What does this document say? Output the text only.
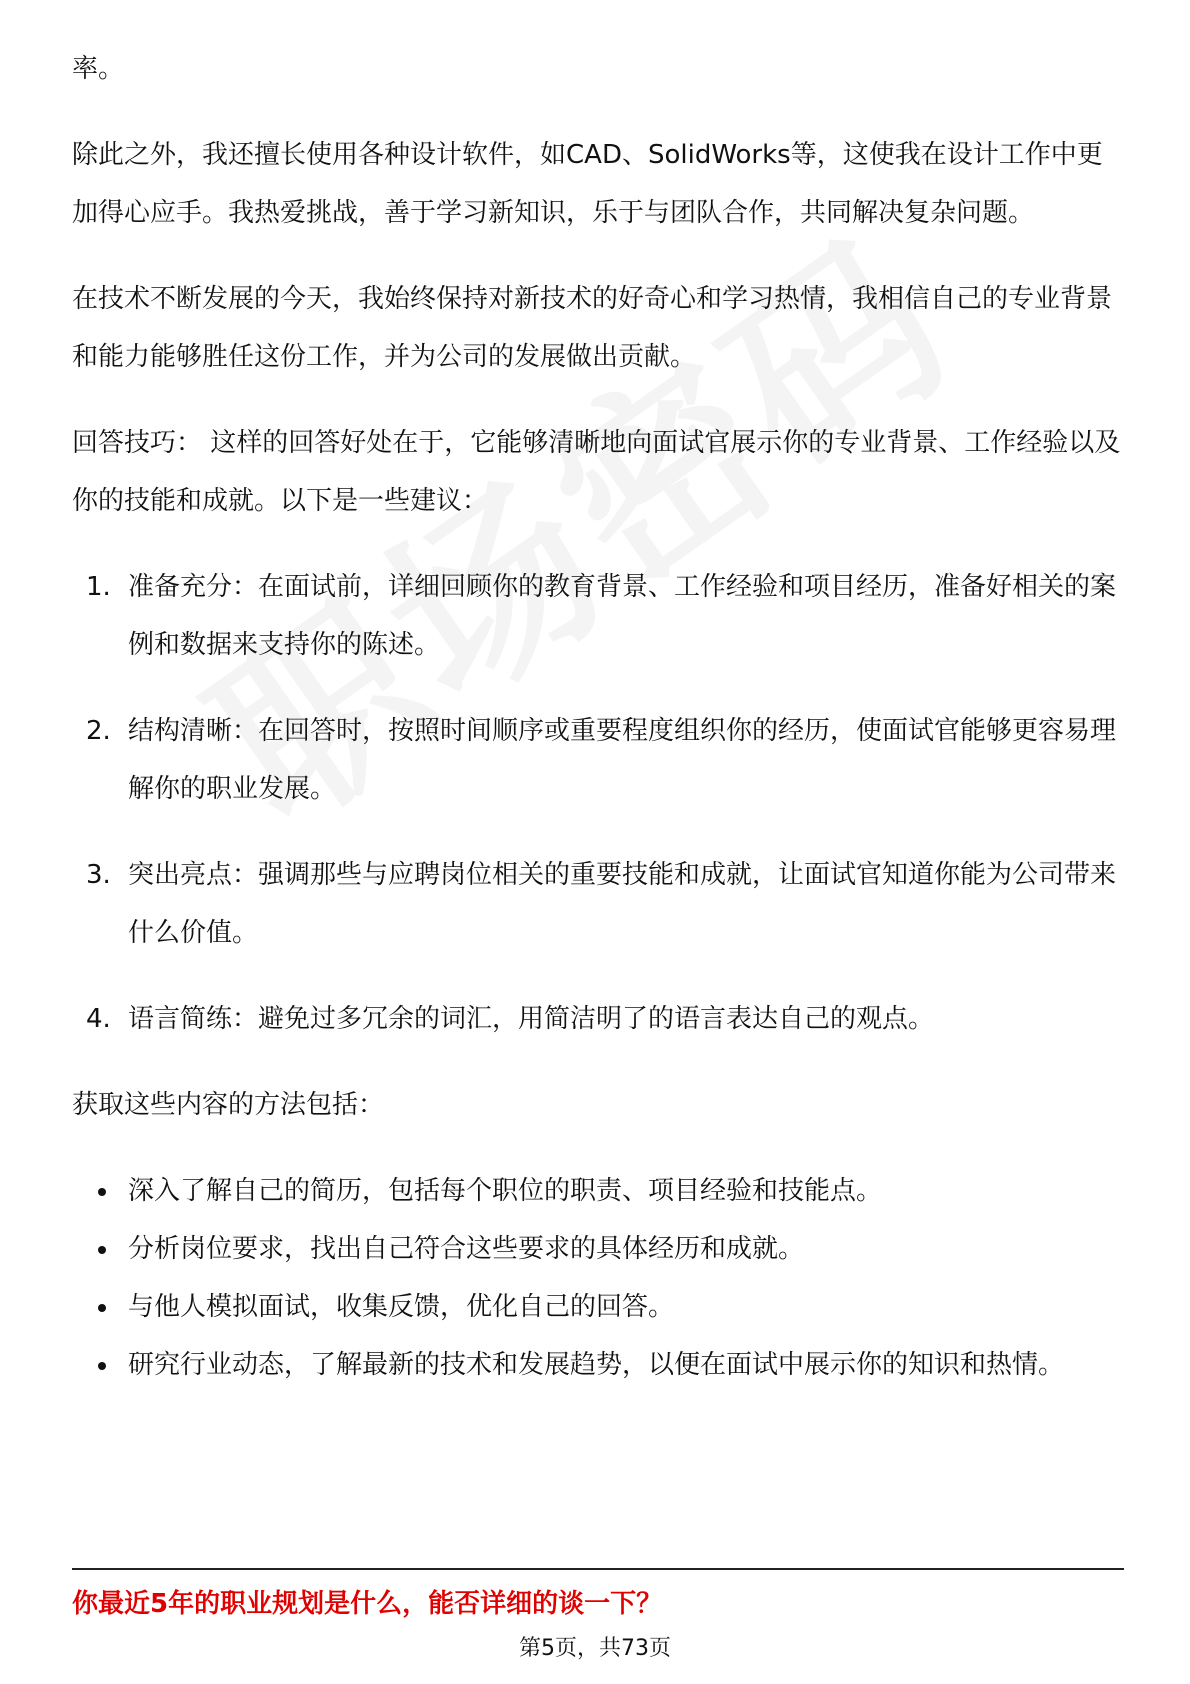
率。

除此之外，我还擅长使用各种设计软件，如CAD、SolidWorks等，这使我在设计工作中更加得心应手。我热爱挑战，善于学习新知识，乐于与团队合作，共同解决复杂问题。

在技术不断发展的今天，我始终保持对新技术的好奇心和学习热情，我相信自己的专业背景和能力能够胜任这份工作，并为公司的发展做出贡献。

回答技巧： 这样的回答好处在于，它能够清晰地向面试官展示你的专业背景、工作经验以及你的技能和成就。以下是一些建议：

1. 准备充分：在面试前，详细回顾你的教育背景、工作经验和项目经历，准备好相关的案例和数据来支持你的陈述。
2. 结构清晰：在回答时，按照时间顺序或重要程度组织你的经历，使面试官能够更容易理解你的职业发展。
3. 突出亮点：强调那些与应聘岗位相关的重要技能和成就，让面试官知道你能为公司带来什么价值。
4. 语言简练：避免过多冗余的词汇，用简洁明了的语言表达自己的观点。

获取这些内容的方法包括：

深入了解自己的简历，包括每个职位的职责、项目经验和技能点。
分析岗位要求，找出自己符合这些要求的具体经历和成就。
与他人模拟面试，收集反馈，优化自己的回答。
研究行业动态，了解最新的技术和发展趋势，以便在面试中展示你的知识和热情。
你最近5年的职业规划是什么，能否详细的谈一下？
第5页，共73页
